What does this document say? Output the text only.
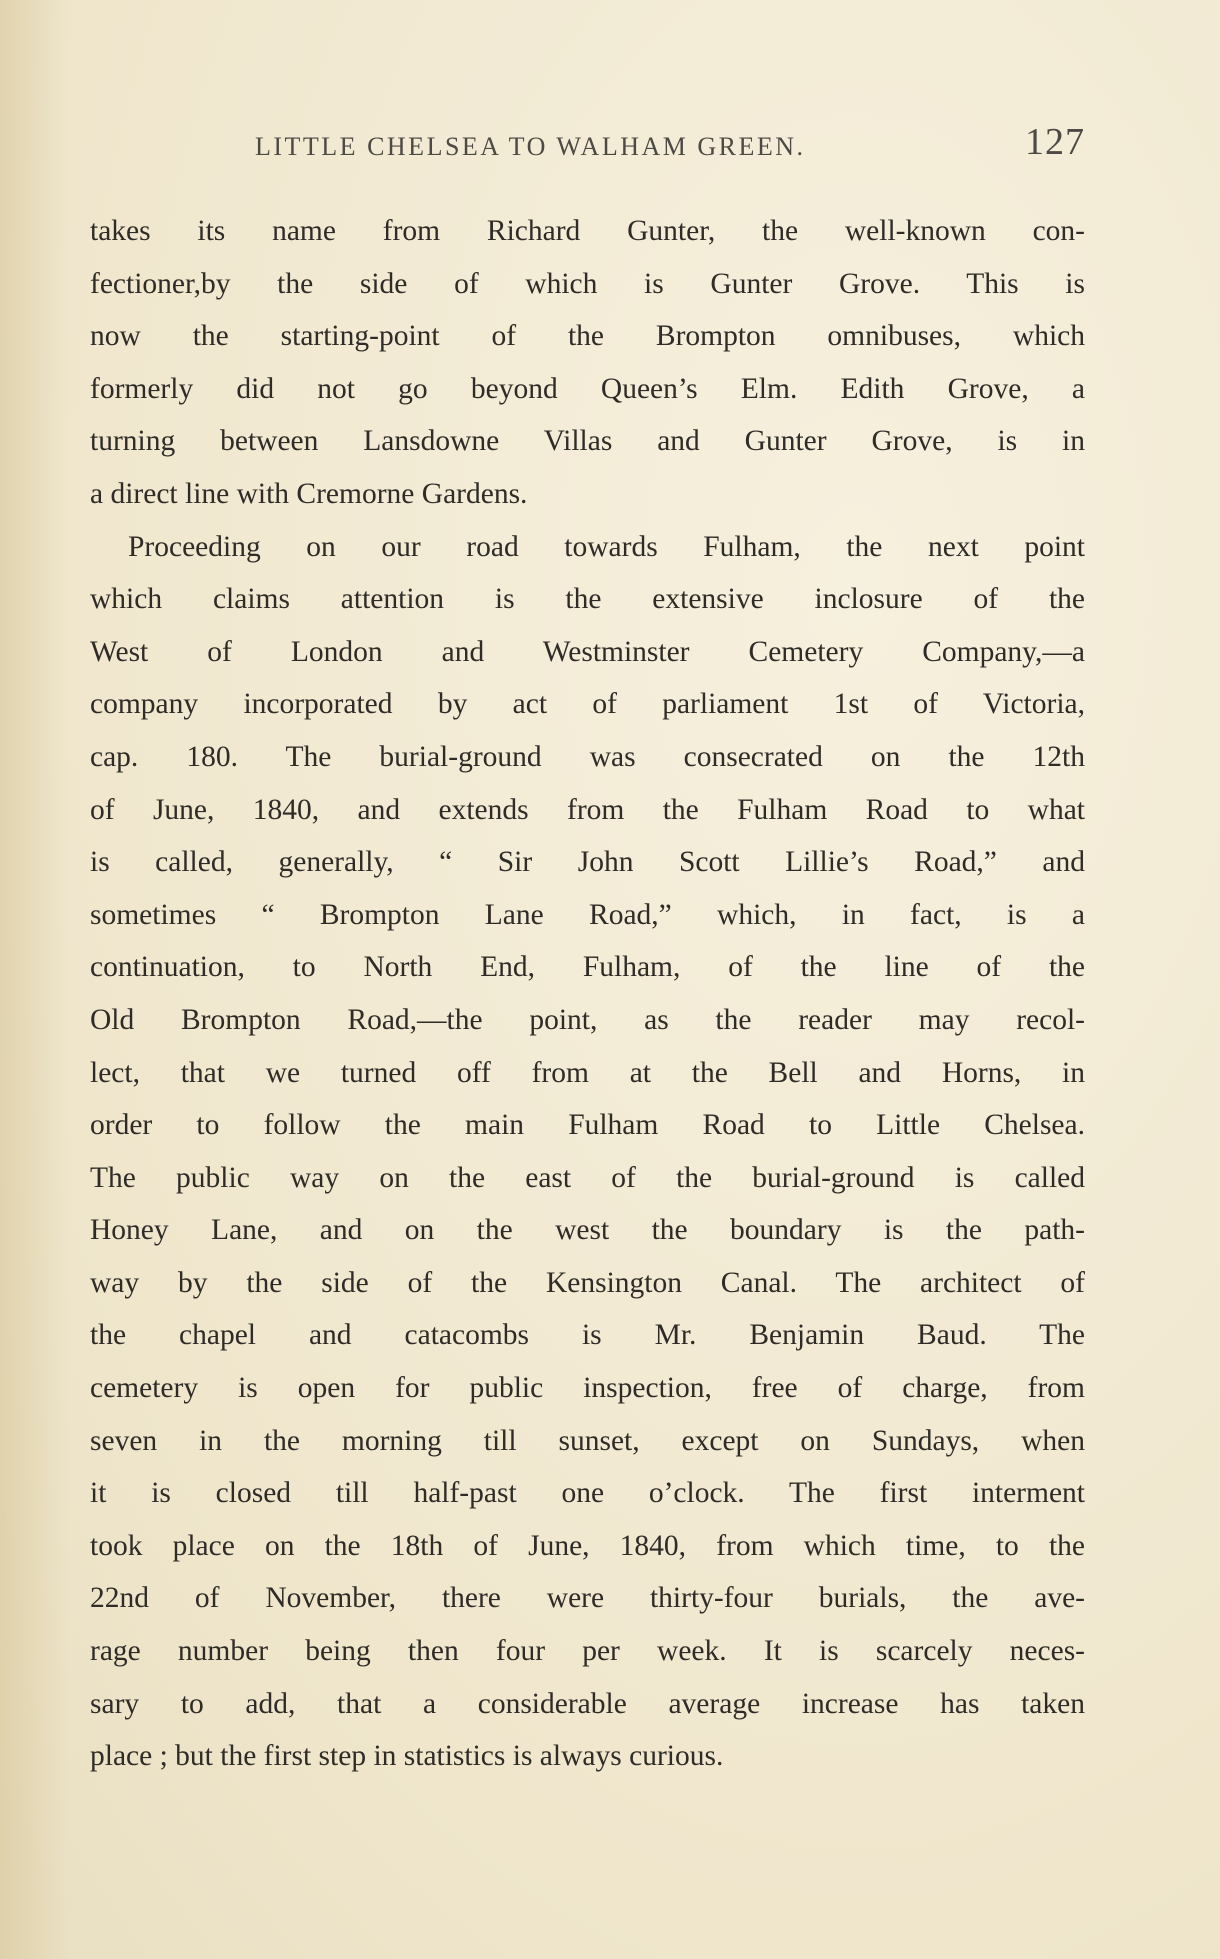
LITTLE CHELSEA TO WALHAM GREEN.	127
takes its name from Richard Gunter, the well-known con-
fectioner,by the side of which is Gunter Grove. This is
now the starting-point of the Brompton omnibuses, which
formerly did not go beyond Queen’s Elm. Edith Grove, a
turning between Lansdowne Villas and Gunter Grove, is in
a direct line with Cremorne Gardens.
Proceeding on our road towards Fulham, the next point
which claims attention is the extensive inclosure of the
West of London and Westminster Cemetery Company,—a
company incorporated by act of parliament 1st of Victoria,
cap. 180. The burial-ground was consecrated on the 12th
of June, 1840, and extends from the Fulham Road to what
is called, generally, “ Sir John Scott Lillie’s Road,” and
sometimes “ Brompton Lane Road,” which, in fact, is a
continuation, to North End, Fulham, of the line of the
Old Brompton Road,—the point, as the reader may recol-
lect, that we turned off from at the Bell and Horns, in
order to follow the main Fulham Road to Little Chelsea.
The public way on the east of the burial-ground is called
Honey Lane, and on the west the boundary is the path-
way by the side of the Kensington Canal. The architect of
the chapel and catacombs is Mr. Benjamin Baud. The
cemetery is open for public inspection, free of charge, from
seven in the morning till sunset, except on Sundays, when
it is closed till half-past one o’clock. The first interment
took place on the 18th of June, 1840, from which time, to the
22nd of November, there were thirty-four burials, the ave-
rage number being then four per week. It is scarcely neces-
sary to add, that a considerable average increase has taken
place ; but the first step in statistics is always curious.
